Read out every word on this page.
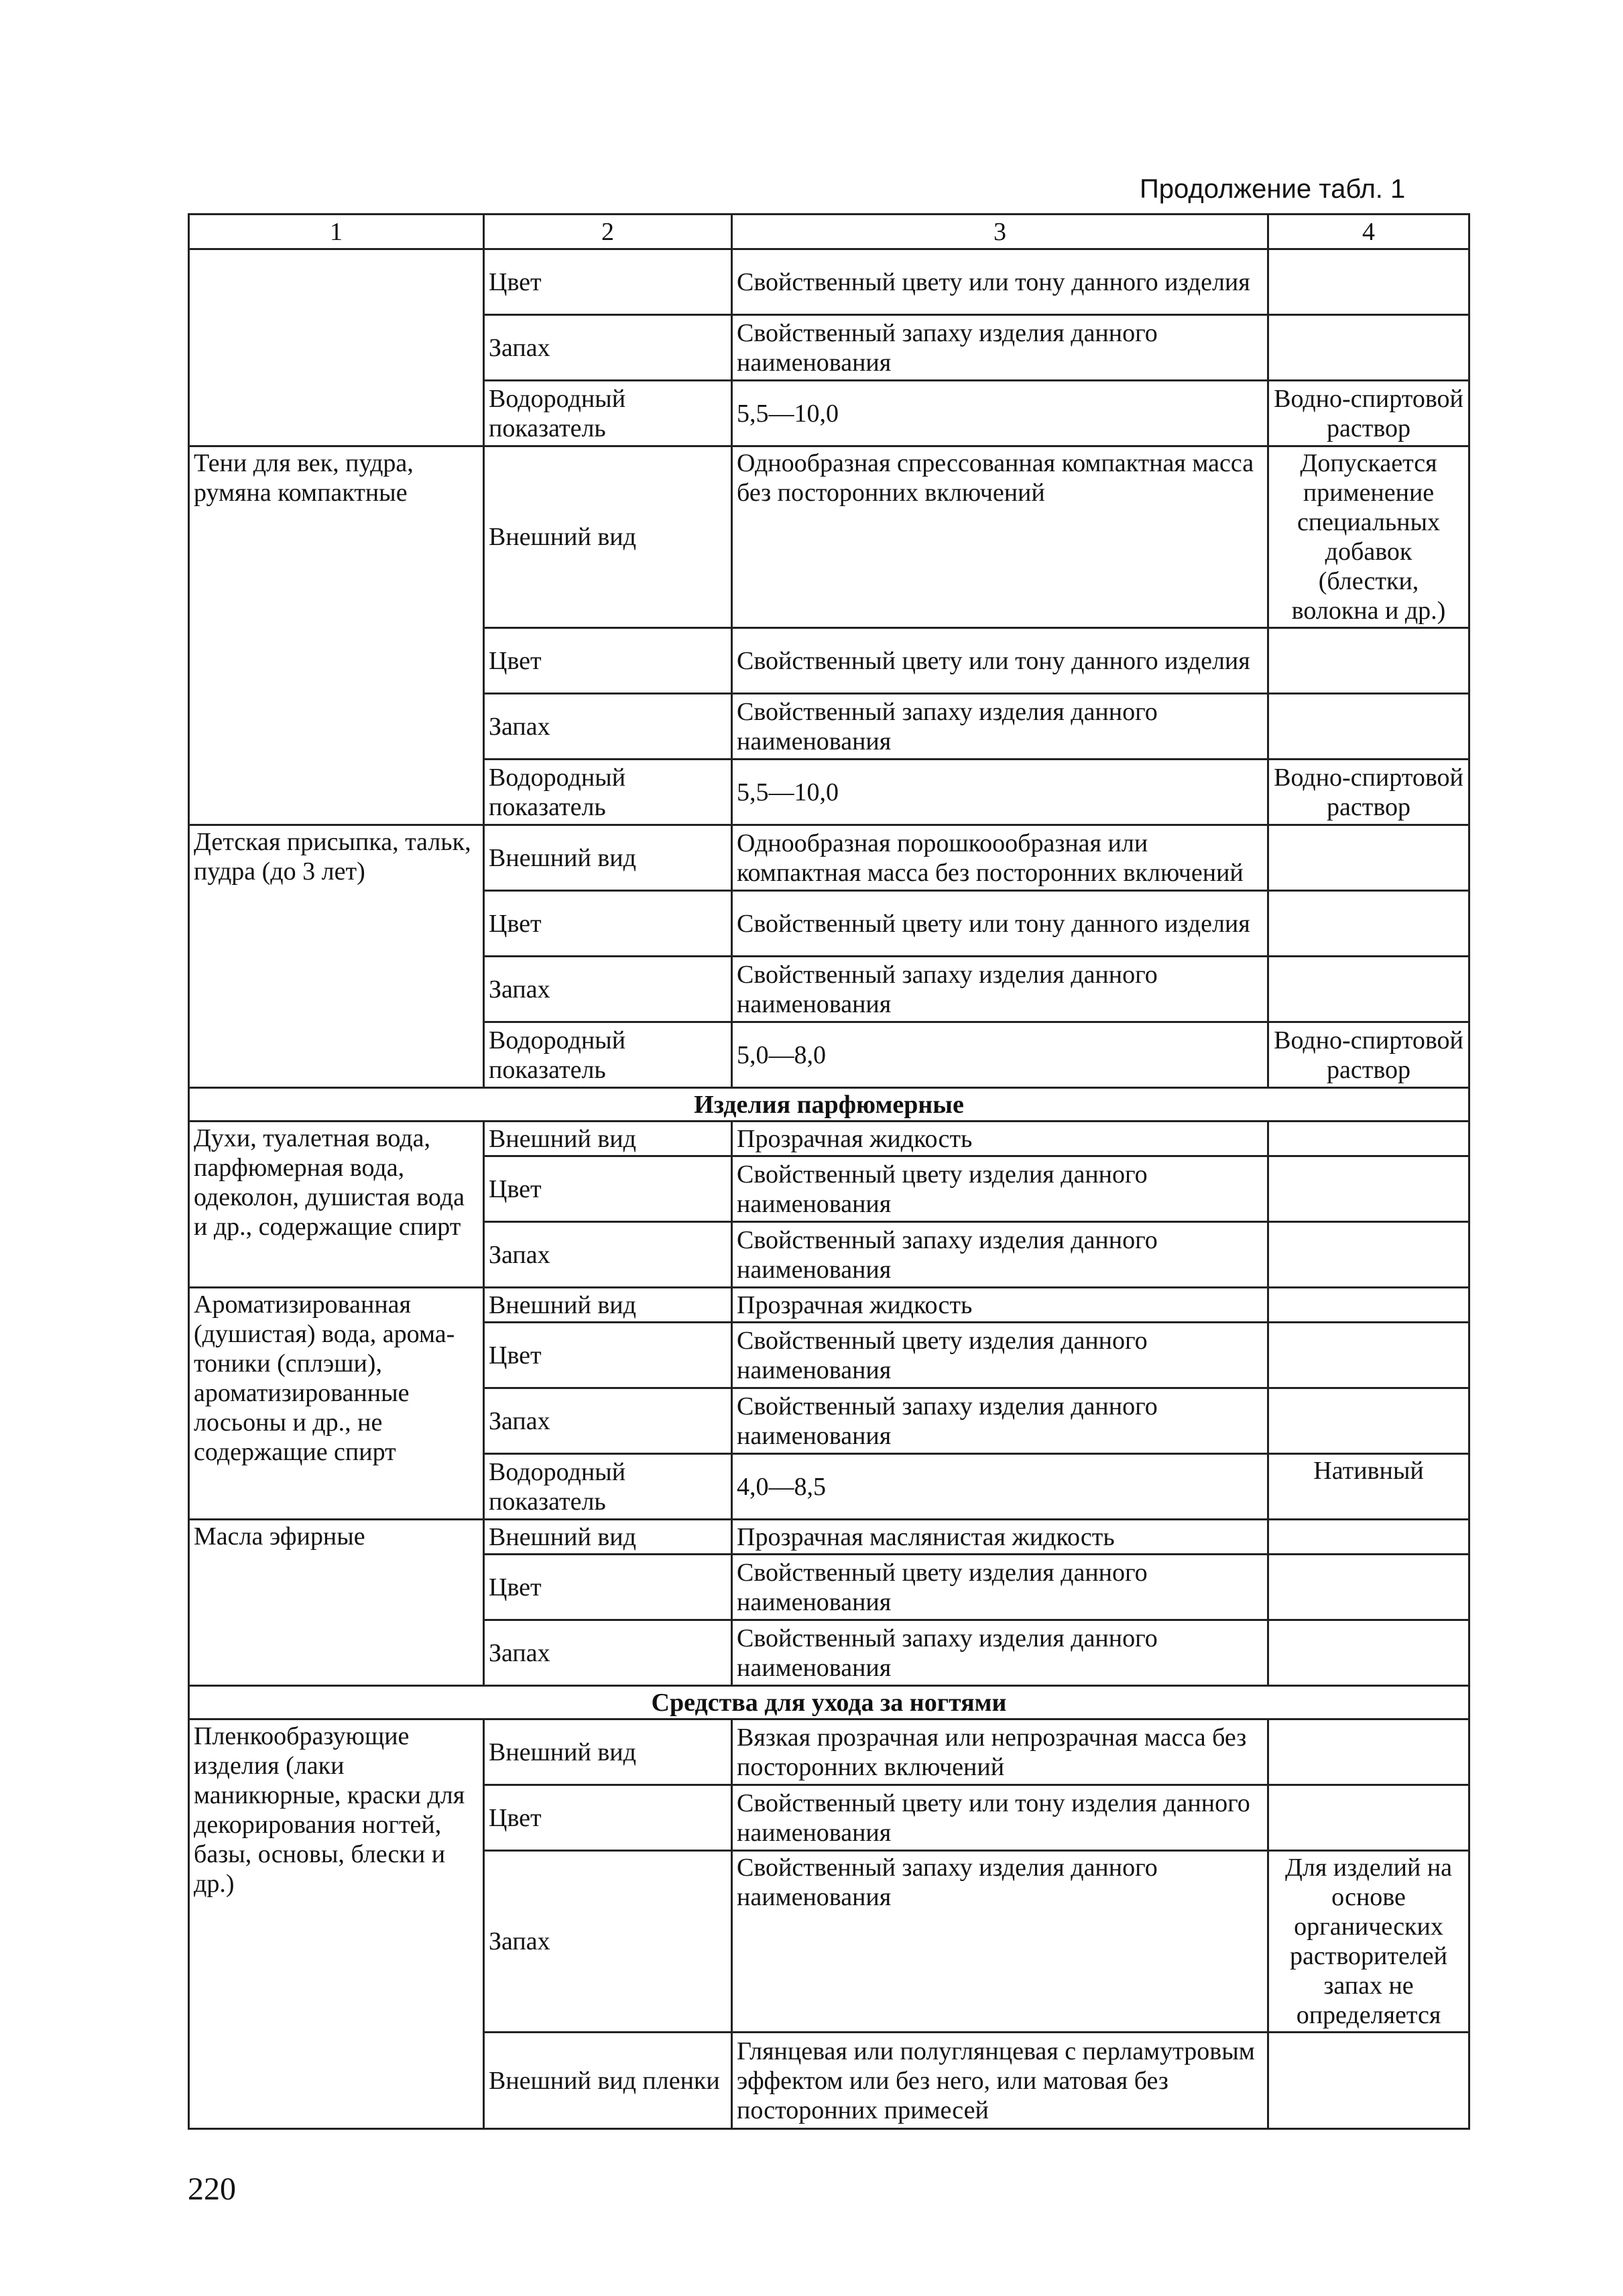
Продолжение табл. 1
1	2	3	4
	Цвет	Свойственный цвету или тону данного изделия	
	Запах	Свойственный запаху изделия данного наименования	
	Водородный показатель	5,5—10,0	Водно-спиртовой раствор
Тени для век, пудра, румяна компактные	Внешний вид	Однообразная спрессованная компактная масса без посторонних включений	Допускается применение специальных добавок (блестки, волокна и др.)
	Цвет	Свойственный цвету или тону данного изделия	
	Запах	Свойственный запаху изделия данного наименования	
	Водородный показатель	5,5—10,0	Водно-спиртовой раствор
Детская присыпка, тальк, пудра (до 3 лет)	Внешний вид	Однообразная порошкоообразная или компактная масса без посторонних включений	
	Цвет	Свойственный цвету или тону данного изделия	
	Запах	Свойственный запаху изделия данного наименования	
	Водородный показатель	5,0—8,0	Водно-спиртовой раствор
Изделия парфюмерные			
Духи, туалетная вода, парфюмерная вода, одеколон, душистая вода и др., содержащие спирт	Внешний вид	Прозрачная жидкость	
	Цвет	Свойственный цвету изделия данного наименования	
	Запах	Свойственный запаху изделия данного наименования	
Ароматизированная (душистая) вода, арома-тоники (сплэши), ароматизированные лосьоны и др., не содержащие спирт	Внешний вид	Прозрачная жидкость	
	Цвет	Свойственный цвету изделия данного наименования	
	Запах	Свойственный запаху изделия данного наименования	
	Водородный показатель	4,0—8,5	Нативный
Масла эфирные	Внешний вид	Прозрачная маслянистая жидкость	
	Цвет	Свойственный цвету изделия данного наименования	
	Запах	Свойственный запаху изделия данного наименования	
Средства для ухода за ногтями			
Пленкообразующие изделия (лаки маникюрные, краски для декорирования ногтей, базы, основы, блески и др.)	Внешний вид	Вязкая прозрачная или непрозрачная масса без посторонних включений	
	Цвет	Свойственный цвету или тону изделия данного наименования	
	Запах	Свойственный запаху изделия данного наименования	Для изделий на основе органических растворителей запах не определяется
	Внешний вид пленки	Глянцевая или полуглянцевая с перламутровым эффектом или без него, или матовая без посторонних примесей	
220
